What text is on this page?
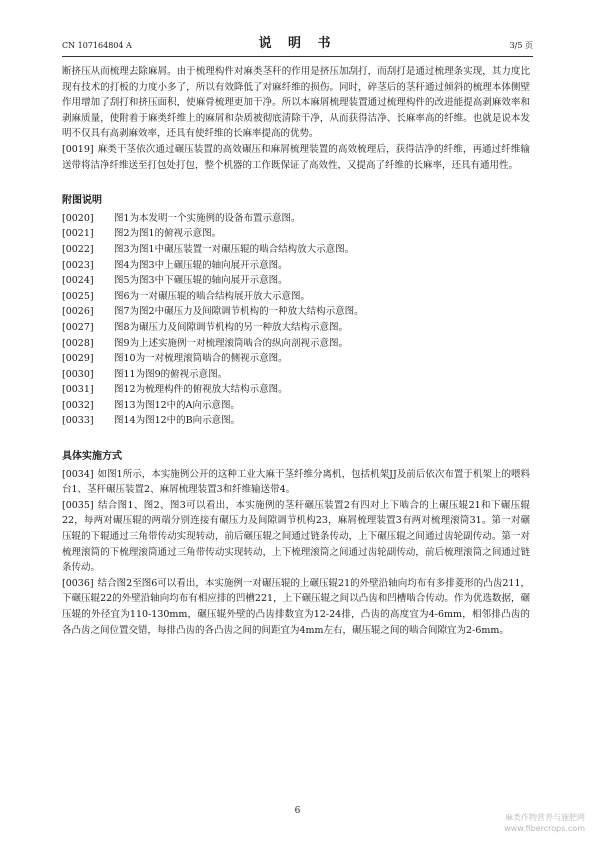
CN 107164804 A	说 明 书	3/5 页

断挤压从而梳理去除麻屑。由于梳理构件对麻类茎秆的作用是挤压加刮打，而刮打是通过梳理条实现，其力度比现有技术的打板的力度小多了，所以有效降低了对麻纤维的损伤。同时，碎茎后的茎秆通过倾斜的梳理本体侧壁作用增加了刮打和挤压面积，使麻骨梳理更加干净。所以本麻屑梳理装置通过梳理构件的改进能提高剥麻效率和剥麻质量，使附着于麻类纤维上的麻屑和杂质被彻底清除干净，从而获得洁净、长麻率高的纤维。也就是说本发明不仅具有高剥麻效率，还具有使纤维的长麻率提高的优势。

[0019] 麻类干茎依次通过碾压装置的高效碾压和麻屑梳理装置的高效梳理后，获得洁净的纤维，再通过纤维输送带将洁净纤维送至打包处打包，整个机器的工作既保证了高效性，又提高了纤维的长麻率，还具有通用性。

附图说明
[0020]	图1为本发明一个实施例的设备布置示意图。
[0021]	图2为图1的俯视示意图。
[0022]	图3为图1中碾压装置一对碾压辊的啮合结构放大示意图。
[0023]	图4为图3中上碾压辊的轴向展开示意图。
[0024]	图5为图3中下碾压辊的轴向展开示意图。
[0025]	图6为一对碾压辊的啮合结构展开放大示意图。
[0026]	图7为图2中碾压力及间隙调节机构的一种放大结构示意图。
[0027]	图8为碾压力及间隙调节机构的另一种放大结构示意图。
[0028]	图9为上述实施例一对梳理滚筒啮合的纵向剖视示意图。
[0029]	图10为一对梳理滚筒啮合的侧视示意图。
[0030]	图11为图9的俯视示意图。
[0031]	图12为梳理构件的俯视放大结构示意图。
[0032]	图13为图12中的A向示意图。
[0033]	图14为图12中的B向示意图。
具体实施方式

[0034] 如图1所示，本实施例公开的这种工业大麻干茎纤维分离机，包括机架JJ及前后依次布置于机架上的喂料台1、茎秆碾压装置2、麻屑梳理装置3和纤维输送带4。

[0035] 结合图1、图2、图3可以看出，本实施例的茎秆碾压装置2有四对上下啮合的上碾压辊21和下碾压辊22，每两对碾压辊的两端分别连接有碾压力及间隙调节机构23，麻屑梳理装置3有两对梳理滚筒31。第一对碾压辊的下辊通过三角带传动实现转动，前后碾压辊之间通过链条传动，上下碾压辊之间通过齿轮副传动。第一对梳理滚筒的下梳理滚筒通过三角带传动实现转动，上下梳理滚筒之间通过齿轮副传动，前后梳理滚筒之间通过链条传动。

[0036] 结合图2至图6可以看出，本实施例一对碾压辊的上碾压辊21的外壁沿轴向均布有多排菱形的凸齿211，下碾压辊22的外壁沿轴向均布有相应排的凹槽221，上下碾压辊之间以凸齿和凹槽啮合传动。作为优选数据，碾压辊的外径宜为110-130mm，碾压辊外壁的凸齿排数宜为12-24排，凸齿的高度宜为4-6mm，相邻排凸齿的各凸齿之间位置交错，每排凸齿的各凸齿之间的间距宜为4mm左右，碾压辊之间的啮合间隙宜为2-6mm。

6
麻类作物营养与施肥网
www.fibercrops.com
